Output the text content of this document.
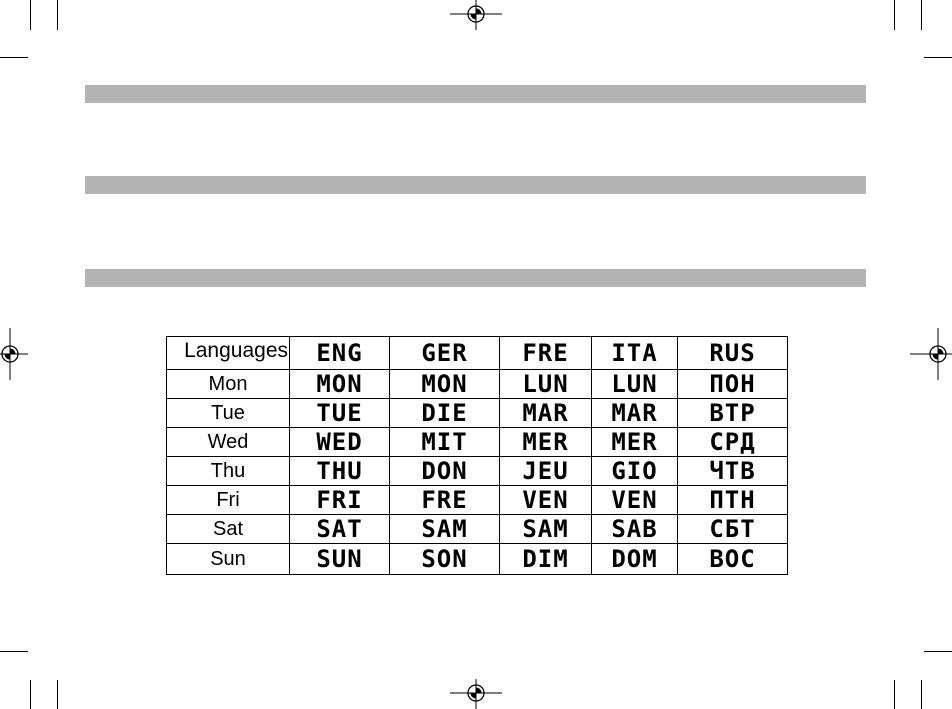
Languages	ENG	GER	FRE	ITA	RUS
Mon	MON	MON	LUN	LUN	ПОН
Tue	TUE	DIE	MAR	MAR	ВТР
Wed	WED	MIT	MER	MER	СРД
Thu	THU	DON	JEU	GIO	ЧТВ
Fri	FRI	FRE	VEN	VEN	ПТН
Sat	SAT	SAM	SAM	SAB	СБТ
Sun	SUN	SON	DIM	DOM	ВОС
